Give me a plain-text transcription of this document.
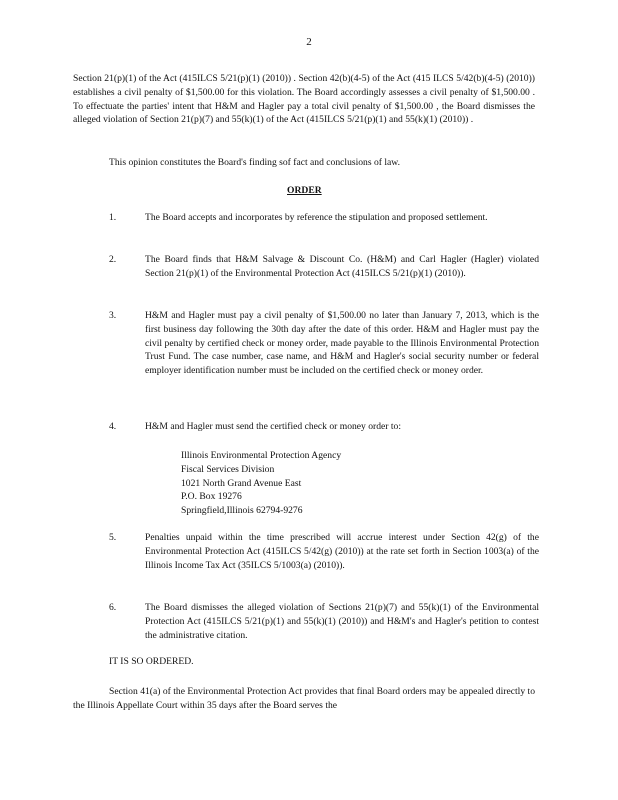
2

Section 21(p)(1) of the Act (415ILCS 5/21(p)(1) (2010)) . Section 42(b)(4-5) of the Act (415 ILCS 5/42(b)(4-5) (2010)) establishes a civil penalty of $1,500.00 for this violation. The Board accordingly assesses a civil penalty of $1,500.00 . To effectuate the parties' intent that H&M and Hagler pay a total civil penalty of $1,500.00 , the Board dismisses the alleged violation of Section 21(p)(7) and 55(k)(1) of the Act (415ILCS 5/21(p)(1) and 55(k)(1) (2010)) .

This opinion constitutes the Board's finding sof fact and conclusions of law.

ORDER
1.	The Board accepts and incorporates by reference the stipulation and proposed settlement.

2.	The Board finds that H&M Salvage & Discount Co. (H&M) and Carl Hagler (Hagler) violated Section 21(p)(1) of the Environmental Protection Act (415ILCS 5/21(p)(1) (2010)).

3.	H&M and Hagler must pay a civil penalty of $1,500.00 no later than January 7, 2013, which is the first business day following the 30th day after the date of this order. H&M and Hagler must pay the civil penalty by certified check or money order, made payable to the Illinois Environmental Protection Trust Fund. The case number, case name, and H&M and Hagler's social security number or federal employer identification number must be included on the certified check or money order.

4.	H&M and Hagler must send the certified check or money order to:

Illinois Environmental Protection Agency
Fiscal Services Division
1021 North Grand Avenue East
P.O. Box 19276
Springfield,Illinois 62794-9276
5.	Penalties unpaid within the time prescribed will accrue interest under Section 42(g) of the Environmental Protection Act (415ILCS 5/42(g) (2010)) at the rate set forth in Section 1003(a) of the Illinois Income Tax Act (35ILCS 5/1003(a) (2010)).

6.	The Board dismisses the alleged violation of Sections 21(p)(7) and 55(k)(1) of the Environmental Protection Act (415ILCS 5/21(p)(1) and 55(k)(1) (2010)) and H&M's and Hagler's petition to contest the administrative citation.

IT IS SO ORDERED.

Section 41(a) of the Environmental Protection Act provides that final Board orders may be appealed directly to the Illinois Appellate Court within 35 days after the Board serves the
